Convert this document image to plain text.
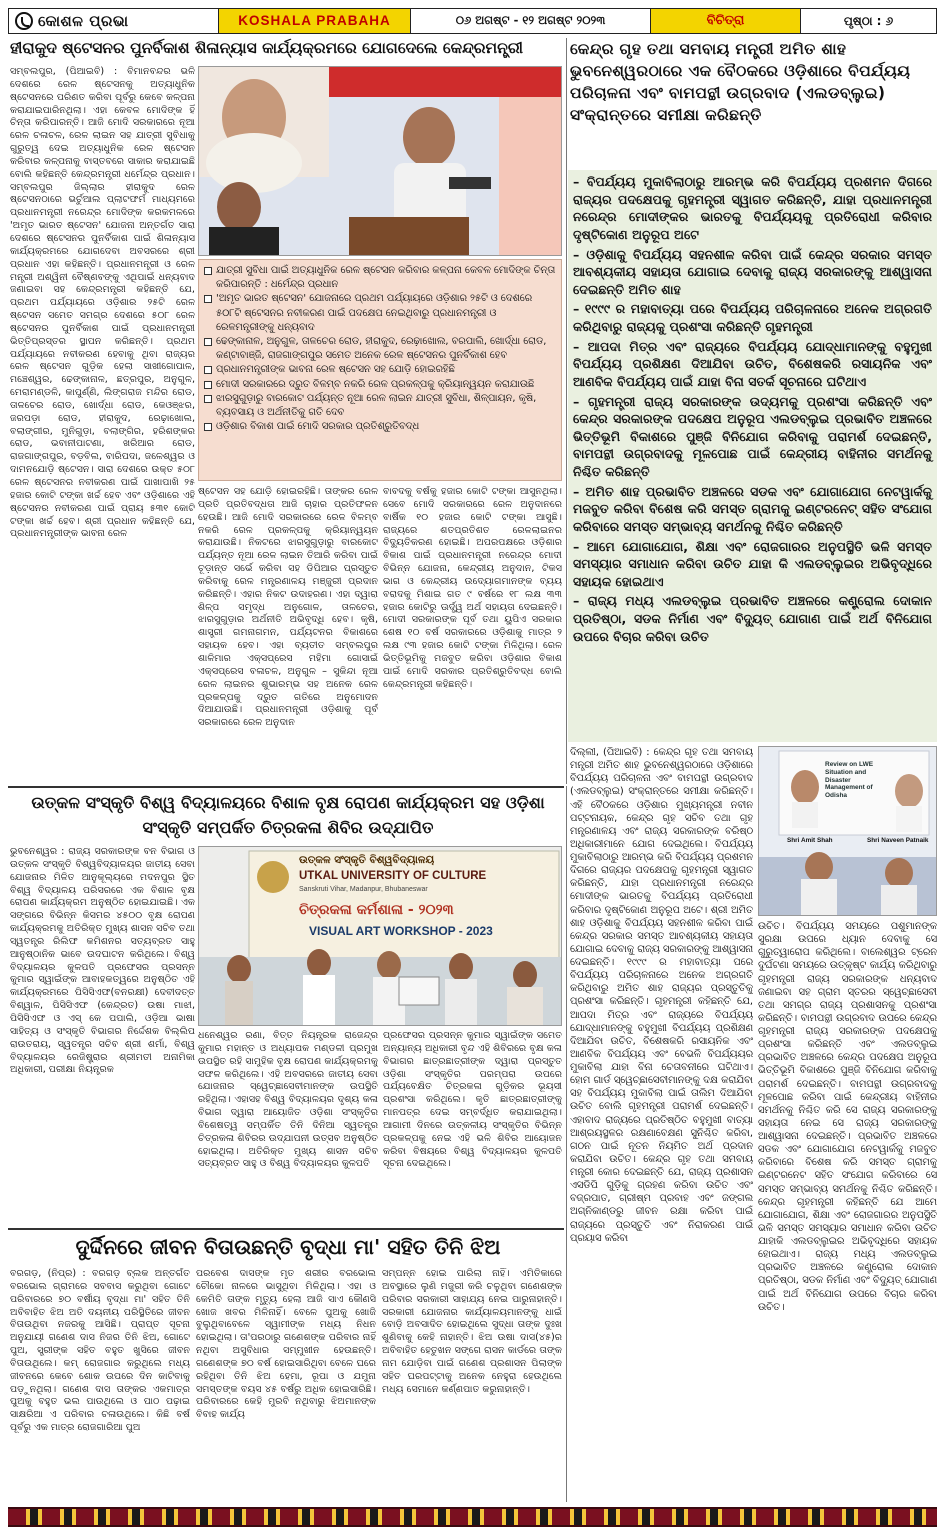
କୋଶଳ ପ୍ରଭା	KOSHALA PRABAHA	୦୬ ଅଗଷ୍ଟ - ୧୨ ଅଗଷ୍ଟ ୨୦୨୩	ବିଚିତ୍ରା	ପୃଷ୍ଠା : ୬
ହୀରାକୁଦ ଷ୍ଟେସନର ପୁନର୍ବିକାଶ ଶିଳାନ୍ୟାସ କାର୍ଯ୍ୟକ୍ରମରେ ଯୋଗଦେଲେ କେନ୍ଦ୍ରମନ୍ତ୍ରୀ
ସମ୍ବଲପୁର, (ପିଆଇବି) : ବିମାନବନ୍ଦର ଭଳି ଦେଶରେ ରେଳ ଷ୍ଟେସନକୁ ଅତ୍ୟାଧୁନିକ ଷ୍ଟେସନରେ ପରିଣତ କରିବା ପୂର୍ବରୁ କେବେ କଳ୍ପନା କରାଯାଇପାରିନଥିଲା। ଏହା କେବଳ ମୋଦିଙ୍କ ହିଁ ଚିନ୍ତା କରିପାରନ୍ତି। ଆଜି ମୋଦି ସରକାରରେ ନୂଆ ରେଳ ଚଳାଚଳ, ରେଳ ଲାଇନ ସହ ଯାତ୍ରୀ ସୁବିଧାକୁ ଗୁରୁତ୍ୱ ଦେଇ ଅତ୍ୟାଧୁନିକ ରେଳ ଷ୍ଟେସନ କରିବାର କଳ୍ପନାକୁ ବାସ୍ତବରେ ସାକାର କରାଯାଇଛି ବୋଲି କହିଛନ୍ତି କେନ୍ଦ୍ରମନ୍ତ୍ରୀ ଧର୍ମେନ୍ଦ୍ର ପ୍ରଧାନ। ସମ୍ବଲପୁର ଜିଲ୍ଲାର ହୀରାକୁଦ ରେଳ ଷ୍ଟେସନଠାରେ ଭର୍ଚୁଆଲ ପ୍ଲାଟଫର୍ମ ମାଧ୍ୟମରେ ପ୍ରଧାନମନ୍ତ୍ରୀ ନରେନ୍ଦ୍ର ମୋଦିଙ୍କ କରକମଳରେ 'ଅମୃତ ଭାରତ ଷ୍ଟେସନ' ଯୋଜନା ଅନ୍ତର୍ଗତ ସାରା ଦେଶରେ ଷ୍ଟେସନର ପୁନର୍ବିକାଶ ପାଇଁ ଶିଳାନ୍ୟାସ କାର୍ଯ୍ୟକ୍ରମରେ ଯୋଗଦେବା ଅବସରରେ ଶ୍ରୀ ପ୍ରଧାନ ଏହା କହିଛନ୍ତି। ପ୍ରଧାନମନ୍ତ୍ରୀ ଓ ରେଳ ମନ୍ତ୍ରୀ ଅଶ୍ୱିନୀ ବୈଷ୍ଣବଙ୍କୁ ଏଥିପାଇଁ ଧନ୍ୟବାଦ ଜଣାଇବା ସହ କେନ୍ଦ୍ରମନ୍ତ୍ରୀ କହିଛନ୍ତି ଯେ, ପ୍ରଥମ ପର୍ଯ୍ୟାୟରେ ଓଡ଼ିଶାର ୨୫ଟି ରେଳ ଷ୍ଟେସନ ସମେତ ସମଗ୍ର ଦେଶରେ ୫୦୮ ରେଳ ଷ୍ଟେସନର ପୁନର୍ବିକାଶ ପାଇଁ ପ୍ରଧାନମନ୍ତ୍ରୀ ଭିତ୍ତିପ୍ରସ୍ତର ସ୍ଥାପନ କରିଛନ୍ତି। ପ୍ରଥମ ପର୍ଯ୍ୟାୟରେ ନବୀକରଣ ହେବାକୁ ଥିବା ରାଜ୍ୟର ରେଳ ଷ୍ଟେସନ ଗୁଡ଼ିକ ହେଲା ସାଖୀଗୋପାଳ, ମଞ୍ଚେଶ୍ୱର, ଢେଙ୍କାନାଳ, ଛତ୍ରପୁର, ଅନୁଗୁଳ, ମେରାମଣ୍ଡଳି, କାପୁର୍ଣ୍ଣି, ଲିଙ୍ଗରାଜ ମନ୍ଦିର ରୋଡ, ତାଳଚେର ରୋଡ, ଖୋର୍ଦ୍ଧା ରୋଡ, କେଓଞ୍ଝର, ଜରପଡ଼ା ରୋଡ, ହୀରାକୁଦ, ରେଢ଼ାଖୋଲ, ବଲାଙ୍ଗୀର, ମୁନିଗୁଡ଼ା, ବଲାଙ୍ଗିର, ହରିଶଙ୍କର ରୋଡ, ଭବାନୀପାଟଣା, ଖରିଆର ରୋଡ, ରାଜଗାଙ୍ଗପୁର, ବଡ଼ବିଲ, ବାରିପଦା, ଜଳେଶ୍ୱର ଓ ଦାମନଯୋଡ଼ି ଷ୍ଟେସନ। ସାରା ଦେଶରେ ଉକ୍ତ ୫୦୮ ରେଳ ଷ୍ଟେସନର ନବୀକରଣ ପାଇଁ ପାଖାପାଖି ୨୫ ହଜାର କୋଟି ଟଙ୍କା ଖର୍ଚ୍ଚ ହେବ ଏବଂ ଓଡ଼ିଶାରେ ଏହି ଷ୍ଟେସନର ନବୀକରଣ ପାଇଁ ପ୍ରାୟ ୫୩୧ କୋଟି ଟଙ୍କା ଖର୍ଚ୍ଚ ହେବ। ଶ୍ରୀ ପ୍ରଧାନ କହିଛନ୍ତି ଯେ, ପ୍ରଧାନମନ୍ତ୍ରୀଙ୍କ ଭାବନା ରେଳ
ଯାତ୍ରୀ ସୁବିଧା ପାଇଁ ଅତ୍ୟାଧୁନିକ ରେଳ ଷ୍ଟେସନ କରିବାର କଳ୍ପନା କେବଳ ମୋଦିଙ୍କ ଚିନ୍ତା କରିପାରନ୍ତି : ଧର୍ମେନ୍ଦ୍ର ପ୍ରଧାନ
'ଅମୃତ ଭାରତ ଷ୍ଟେସନ' ଯୋଜନାରେ ପ୍ରଥମ ପର୍ଯ୍ୟାୟରେ ଓଡ଼ିଶାର ୨୫ଟି ଓ ଦେଶରେ ୫୦୮ଟି ଷ୍ଟେସନର ନବୀକରଣ ପାଇଁ ପଦକ୍ଷେପ ନେଇଥିବାରୁ ପ୍ରଧାନମନ୍ତ୍ରୀ ଓ ରେଳମନ୍ତ୍ରୀଙ୍କୁ ଧନ୍ୟବାଦ
ଢେଙ୍କାନାଳ, ଅନୁଗୁଳ, ତାଳଚେର ରୋଡ, ହୀରାକୁଦ, ରେଢ଼ାଖୋଲ, ବରପାଲି, ଖୋର୍ଦ୍ଧା ରୋଡ, କଣ୍ଟାବାଞ୍ଜି, ରାଜଗାଙ୍ଗପୁର ସମେତ ଅନେକ ରେଳ ଷ୍ଟେସନର ପୁନର୍ବିକାଶ ହେବ
ପ୍ରଧାନମନ୍ତ୍ରୀଙ୍କ ଭାବନା ରେଳ ଷ୍ଟେସନ ସହ ଯୋଡ଼ି ହୋଇରହିଛି
ମୋଦୀ ସରକାରରେ ଦ୍ରୁତ ବିଳମ୍ବ ନକରି ରେଳ ପ୍ରକଳ୍ପକୁ କ୍ରିୟାନ୍ୱୟନ କରାଯାଉଛି
ଝାରସୁଗୁଡ଼ାରୁ ବାରକୋଟ ପର୍ଯ୍ୟନ୍ତ ନୂଆ ରେଳ ଲାଇନ ଯାତ୍ରୀ ସୁବିଧା, ଶିଳ୍ପାୟନ, କୃଷି, ବ୍ୟବସାୟ ଓ ଅର୍ଥନୀତିକୁ ଗତି ଦେବ
ଓଡ଼ିଶାର ବିକାଶ ପାଇଁ ମୋଦି ସରକାର ପ୍ରତିଶ୍ରୁତିବଦ୍ଧ
ଷ୍ଟେସନ ସହ ଯୋଡ଼ି ହୋଇରହିଛି। ତାଙ୍କର ରେଳ ପ୍ରତି ପ୍ରତିବଦ୍ଧତା ଆଜି ଚାହାର ପ୍ରତିଫଳନ ହେଉଛି। ଆଜି ମୋଦି ସରକାରରେ ରେଳ ବିଳମ୍ବ ନକରି ରେଳ ପ୍ରକଳ୍ପକୁ କ୍ରିୟାନ୍ୱୟନ କରାଯାଉଛି। ନିକଟରେ ଝାରସୁଗୁଡ଼ାରୁ ବାରକୋଟ ପର୍ଯ୍ୟନ୍ତ ନୂଆ ରେଳ ଲାଇନ ତିଆରି କରିବା ପାଇଁ ଚୂଡ଼ାନ୍ତ ସର୍ଭେ କରିବା ସହ ଡିପିଆର ପ୍ରସ୍ତୁତ କରିବାକୁ ରେଳ ମନ୍ତ୍ରଣାଳୟ ମଞ୍ଜୁରୀ ପ୍ରଦାନ କରିଛନ୍ତି। ଏହାର ନିକଟ ଉଦାହରଣ। ଏହା ଦ୍ୱାରା ଶିଳ୍ପ ସମୃଦ୍ଧ ଅନୁଗୋଳ, ତାଳଚେର, ଝାରସୁଗୁଡ଼ାର ଅର୍ଥନୀତି ଅଭିବୃଦ୍ଧି ହେବ। କୃଷି, ଶାସ୍ତ୍ରୀ ଗମନାଗମନ, ପର୍ଯ୍ୟଟନର ବିକାଶରେ ସହାୟକ ହେବ। ଏହା ବ୍ୟତୀତ ସମ୍ବଲପୁର ଶାଳିମାର ଏକ୍ସପ୍ରେସ ମହିମା ଗୋସାଇଁ ଏକ୍ସପ୍ରେସ ବଳାଚଳ, ଅନୁଗୁଳ – ସୁକିନ୍ଦା ନୂଆ ରେଳ ଲାଇନର ଶୁଭାରମ୍ଭ ସହ ଅନେକ ରେଳ ପ୍ରକଳ୍ପକୁ ଦ୍ରୁତ ଗତିରେ ଅନୁମୋଦନ ଦିଆଯାଉଛି। ପ୍ରଧାନମନ୍ତ୍ରୀ ଓଡ଼ିଶାକୁ ପୂର୍ବ ସରକାରରେ ରେଳ ଅନୁଦାନ
ବାବଦକୁ ବର୍ଷକୁ ହଜାର କୋଟି ଟଙ୍କା ଆସୁନଥିଲା। ସେବେ ମୋଦି ସରକାରରେ ରେଳ ଅନୁଦାନରେ ବାର୍ଷିକ ୧୦ ହଜାର କୋଟି ଟଙ୍କା ଆସୁଛି। ରାଜ୍ୟରେ ଶତପ୍ରତିଶତ ରେଳଲାଇନର ବିଦ୍ୟୁତିକରଣ ହୋଇଛି। ଅପରପକ୍ଷରେ ଓଡ଼ିଶାର ବିକାଶ ପାଇଁ ପ୍ରଧାନମନ୍ତ୍ରୀ ନରେନ୍ଦ୍ର ମୋଦୀ ବିଭିନ୍ନ ଯୋଜନା, କେନ୍ଦ୍ରୀୟ ଅନୁଦାନ, ଟିକସ ଭାଗ ଓ କେନ୍ଦ୍ରୀୟ ଉଦ୍ୟୋଗମାନଙ୍କ ବ୍ୟୟ ବରାଦକୁ ମିଶାଇ ଗତ ୯ ବର୍ଷରେ ୧୮ ଲକ୍ଷ ୩୩ ହଜାର କୋଟିରୁ ଊର୍ଦ୍ଧ୍ୱ ଅର୍ଥ ସହାୟତା ଦେଇଛନ୍ତି। ମୋଦୀ ସରକାରଙ୍କ ପୂର୍ବ ତଥା ୟୁପିଏ ସରକାର ଶେଷ ୧୦ ବର୍ଷ ସରକାରରେ ଓଡ଼ିଶାକୁ ମାତ୍ର ୨ ଲକ୍ଷ ୯୩ ହଜାର କୋଟି ଟଙ୍କା ମିଳିଥିଲା। ରେଳ ଭିତ୍ତିଭୂମିକୁ ମଜବୁତ କରିବା ଓଡ଼ିଶାର ବିକାଶ ପାଇଁ ମୋଦି ସରକାର ପ୍ରତିଶ୍ରୁତିବଦ୍ଧ ବୋଲି କେନ୍ଦ୍ରମନ୍ତ୍ରୀ କହିଛନ୍ତି।
କେନ୍ଦ୍ର ଗୃହ ତଥା ସମବାୟ ମନ୍ତ୍ରୀ ଅମିତ ଶାହ ଭୁବନେଶ୍ୱରଠାରେ ଏକ ବୈଠକରେ ଓଡ଼ିଶାରେ ବିପର୍ଯ୍ୟୟ ପରିଚାଳନା ଏବଂ ବାମପନ୍ଥୀ ଉଗ୍ରବାଦ (ଏଲଡବ୍ଲୁଇ) ସଂକ୍ରାନ୍ତରେ ସମୀକ୍ଷା କରିଛନ୍ତି
– ବିପର୍ଯ୍ୟୟ ମୁକାବିଲାଠାରୁ ଆରମ୍ଭ କରି ବିପର୍ଯ୍ୟୟ ପ୍ରଶମନ ଦିଗରେ ରାଜ୍ୟର ପଦକ୍ଷେପକୁ ଗୃହମନ୍ତ୍ରୀ ସ୍ୱାଗତ କରିଛନ୍ତି, ଯାହା ପ୍ରଧାନମନ୍ତ୍ରୀ ନରେନ୍ଦ୍ର ମୋଦୀଙ୍କର ଭାରତକୁ ବିପର୍ଯ୍ୟୟକୁ ପ୍ରତିରୋଧୀ କରିବାର ଦୃଷ୍ଟିକୋଣ ଅନୁରୂପ ଅଟେ
– ଓଡ଼ିଶାକୁ ବିପର୍ଯ୍ୟୟ ସହନଶୀଳ କରିବା ପାଇଁ କେନ୍ଦ୍ର ସରକାର ସମସ୍ତ ଆବଶ୍ୟକୀୟ ସହାୟତା ଯୋଗାଇ ଦେବାକୁ ରାଜ୍ୟ ସରକାରଙ୍କୁ ଆଶ୍ୱାସନା ଦେଇଛନ୍ତି ଅମିତ ଶାହ
– ୧୯୯୯ ର ମହାବାତ୍ୟା ପରେ ବିପର୍ଯ୍ୟୟ ପରିଚାଳନାରେ ଅନେକ ଅଗ୍ରଗତି କରିଥିବାରୁ ରାଜ୍ୟକୁ ପ୍ରଶଂସା କରିଛନ୍ତି ଗୃହମନ୍ତ୍ରୀ
– ଆପଦା ମିତ୍ର ଏବଂ ରାଜ୍ୟରେ ବିପର୍ଯ୍ୟୟ ଯୋଦ୍ଧାମାନଙ୍କୁ ବହୁମୁଖୀ ବିପର୍ଯ୍ୟୟ ପ୍ରଶିକ୍ଷଣ ଦିଆଯିବା ଉଚିତ, ବିଶେଷକରି ରସାୟନିକ ଏବଂ ଆଣବିକ ବିପର୍ଯ୍ୟୟ ପାଇଁ ଯାହା ବିନା ସତର୍କ ସୂଚନାରେ ଘଟିଥାଏ
– ଗୃହମନ୍ତ୍ରୀ ରାଜ୍ୟ ସରକାରଙ୍କ ଉଦ୍ୟମକୁ ପ୍ରଶଂସା କରିଛନ୍ତି ଏବଂ କେନ୍ଦ୍ର ସରକାରଙ୍କ ପଦକ୍ଷେପ ଅନୁରୂପ ଏଲଡବ୍ଲୁଇ ପ୍ରଭାବିତ ଅଞ୍ଚଳରେ ଭିତ୍ତିଭୂମି ବିକାଶରେ ପୁଞ୍ଜି ବିନିଯୋଗ କରିବାକୁ ପରାମର୍ଶ ଦେଇଛନ୍ତି, ବାମପନ୍ଥୀ ଉଗ୍ରବାଦକୁ ମୂଳପୋଛ ପାଇଁ କେନ୍ଦ୍ରୀୟ ବାହିନୀର ସମର୍ଥନକୁ ନିଶ୍ଚିତ କରିଛନ୍ତି
– ଅମିତ ଶାହ ପ୍ରଭାବିତ ଅଞ୍ଚଳରେ ସଡକ ଏବଂ ଯୋଗାଯୋଗ ନେଟୱାର୍କକୁ ମଜବୁତ କରିବା ବିଶେଷ କରି ସମସ୍ତ ଗ୍ରାମକୁ ଇଣ୍ଟରନେଟ୍ ସହିତ ସଂଯୋଗ କରିବାରେ ସମସ୍ତ ସମ୍ଭାବ୍ୟ ସମର୍ଥନକୁ ନିଶ୍ଚିତ କରିଛନ୍ତି
– ଆମେ ଯୋଗାଯୋଗ, ଶିକ୍ଷା ଏବଂ ରୋଜଗାରର ଅନୁପସ୍ଥିତି ଭଳି ସମସ୍ତ ସମସ୍ୟାର ସମାଧାନ କରିବା ଉଚିତ ଯାହା କି ଏଲଡବ୍ଲୁଇର ଅଭିବୃଦ୍ଧିରେ ସହାୟକ ହୋଇଥାଏ
– ରାଜ୍ୟ ମଧ୍ୟ ଏଲଡବ୍ଲୁଇ ପ୍ରଭାବିତ ଅଞ୍ଚଳରେ କଣ୍ଟ୍ରୋଲ ଦୋକାନ ପ୍ରତିଷ୍ଠା, ସଡକ ନିର୍ମାଣ ଏବଂ ବିଦ୍ୟୁତ୍ ଯୋଗାଣ ପାଇଁ ଅର୍ଥ ବିନିଯୋଗ ଉପରେ ବିଚାର କରିବା ଉଚିତ
ଦିଲ୍ଲୀ, (ପିଆଇବି) : କେନ୍ଦ୍ର ଗୃହ ତଥା ସମବାୟ ମନ୍ତ୍ରୀ ଅମିତ ଶାହ ଭୁବନେଶ୍ୱରଠାରେ ଓଡ଼ିଶାରେ ବିପର୍ଯ୍ୟୟ ପରିଚାଳନା ଏବଂ ବାମପନ୍ଥୀ ଉଗ୍ରବାଦ (ଏଲଡବ୍ଲୁଇ) ସଂକ୍ରାନ୍ତରେ ସମୀକ୍ଷା କରିଛନ୍ତି। ଏହି ବୈଠକରେ ଓଡ଼ିଶାର ମୁଖ୍ୟମନ୍ତ୍ରୀ ନବୀନ ପଟ୍ଟନାୟକ, କେନ୍ଦ୍ର ଗୃହ ସଚିବ ତଥା ଗୃହ ମନ୍ତ୍ରଣାଳୟ ଏବଂ ରାଜ୍ୟ ସରକାରଙ୍କ ବରିଷ୍ଠ ଅଧିକାରୀମାନେ ଯୋଗ ଦେଇଥିଲେ। ବିପର୍ଯ୍ୟୟ ମୁକାବିଲାଠାରୁ ଆରମ୍ଭ କରି ବିପର୍ଯ୍ୟୟ ପ୍ରଶମନ ଦିଗରେ ରାଜ୍ୟର ପଦକ୍ଷେପକୁ ଗୃହମନ୍ତ୍ରୀ ସ୍ୱାଗତ କରିଛନ୍ତି, ଯାହା ପ୍ରଧାନମନ୍ତ୍ରୀ ନରେନ୍ଦ୍ର ମୋଦୀଙ୍କ ଭାରତକୁ ବିପର୍ଯ୍ୟୟ ପ୍ରତିରୋଧୀ କରିବାର ଦୃଷ୍ଟିକୋଣ ଅନୁରୂପ ଅଟେ। ଶ୍ରୀ ଅମିତ ଶାହ ଓଡ଼ିଶାକୁ ବିପର୍ଯ୍ୟୟ ସହନଶୀଳ କରିବା ପାଇଁ କେନ୍ଦ୍ର ସରକାର ସମସ୍ତ ଆବଶ୍ୟକୀୟ ସହାୟତା ଯୋଗାଇ ଦେବାକୁ ରାଜ୍ୟ ସରକାରଙ୍କୁ ଆଶ୍ୱାସନା ଦେଇଛନ୍ତି। ୧୯୯୯ ର ମହାବାତ୍ୟା ପରେ ବିପର୍ଯ୍ୟୟ ପରିଚାଳନାରେ ଅନେକ ଅଗ୍ରଗତି କରିଥିବାରୁ ଅମିତ ଶାହ ରାଜ୍ୟର ପ୍ରସ୍ତୁତିକୁ ପ୍ରଶଂସା କରିଛନ୍ତି। ଗୃହମନ୍ତ୍ରୀ କହିଛନ୍ତି ଯେ, ଆପଦା ମିତ୍ର ଏବଂ ରାଜ୍ୟରେ ବିପର୍ଯ୍ୟୟ ଯୋଦ୍ଧାମାନଙ୍କୁ ବହୁମୁଖୀ ବିପର୍ଯ୍ୟୟ ପ୍ରଶିକ୍ଷଣ ଦିଆଯିବା ଉଚିତ, ବିଶେଷକରି ରସାୟନିକ ଏବଂ ଆଣବିକ ବିପର୍ଯ୍ୟୟ ଏବଂ ବେଭଳି ବିପର୍ଯ୍ୟୟର ମୁକାବିଲା ଯାହା ବିନା ଚେତାବନୀରେ ଘଟିଥାଏ। ହୋମ ଗାର୍ଡ ସ୍ୱେଚ୍ଛାସେବୀମାନଙ୍କୁ ଦକ୍ଷ କରାଯିବା ସହ ବିପର୍ଯ୍ୟୟ ମୁକାବିଲା ପାଇଁ ତାଲିମ ଦିଆଯିବା ଉଚିତ ବୋଲି ଗୃହମନ୍ତ୍ରୀ ପରାମର୍ଶ ଦେଇଛନ୍ତି। ଏହାବାଦ ରାଜ୍ୟରେ ପ୍ରତିଷ୍ଠିତ ବହୁମୁଖୀ ବାତ୍ୟା ଆଶ୍ରୟସ୍ଥଳର ରକ୍ଷଣାବେକ୍ଷଣ ସୁନିଶ୍ଚିତ କରିବା, ଗଠନ ପାଇଁ ନୂତନ ନିୟମିତ ଅର୍ଥ ପ୍ରଦାନ କରାଯିବା ଉଚିତ। କେନ୍ଦ୍ର ଗୃହ ତଥା ସମବାୟ ମନ୍ତ୍ରୀ କୋର ଦେଇଛନ୍ତି ଯେ, ରାଜ୍ୟ ପ୍ରଶାସନ ଏସଡିପି ଗୁଡ଼ିକୁ ଗ୍ରହଣ କରିବା ଉଚିତ ଏବଂ ବଜ୍ରପାତ, ଗ୍ରୀଷ୍ମ ପ୍ରବାହ ଏବଂ ଜଙ୍ଗଲ ଅଗ୍ନିକାଣ୍ଡରୁ ଜୀବନ ରକ୍ଷା କରିବା ପାଇଁ ରାଜ୍ୟରେ ପ୍ରସ୍ତୁତି ଏବଂ ନିରାକରଣ ପାଇଁ ପ୍ରୟାସ କରିବା
Review on LWE Situation and Disaster Management of Odisha
Shri Amit Shah	Shri Naveen Patnaik
ଉଚିତ। ବିପର୍ଯ୍ୟୟ ସମୟରେ ପଶୁମାନଙ୍କ ସୁରକ୍ଷା ଉପରେ ଧ୍ୟାନ ଦେବାକୁ ସେ ଗୁରୁତ୍ୱାରୋପ କରିଥିଲେ। ବାଲେଶ୍ୱର ଟ୍ରେନ ଦୁର୍ଘଟଣା ସମୟରେ ଉତ୍କୃଷ୍ଟ କାର୍ଯ୍ୟ କରିଥିବାରୁ ଗୃହମନ୍ତ୍ରୀ ରାଜ୍ୟ ସରକାରଙ୍କ ଧନ୍ୟବାଦ ଜଣାଇବା ସହ ଗ୍ରାମ ସ୍ତରର ସ୍ୱେଚ୍ଛାସେବୀ ତଥା ସମଗ୍ର ରାଜ୍ୟ ପ୍ରଶାସନକୁ ପ୍ରଶଂସା କରିଛନ୍ତି। ବାମପନ୍ଥୀ ଉଗ୍ରବାଦ ଉପରେ କେନ୍ଦ୍ର ଗୃହମନ୍ତ୍ରୀ ରାଜ୍ୟ ସରକାରଙ୍କ ପଦକ୍ଷେପକୁ ପ୍ରଶଂସା କରିଛନ୍ତି ଏବଂ ଏଲଡବ୍ଲୁଇ ପ୍ରଭାବିତ ଅଞ୍ଚଳରେ କେନ୍ଦ୍ର ପଦକ୍ଷେପ ଅନୁରୂପ ଭିତ୍ତିଭୂମି ବିକାଶରେ ପୁଞ୍ଜି ବିନିଯୋଗ କରିବାକୁ ପରାମର୍ଶ ଦେଇଛନ୍ତି। ବାମପନ୍ଥୀ ଉଗ୍ରବାଦକୁ ମୂଳପୋଛ କରିବା ପାଇଁ କେନ୍ଦ୍ରୀୟ ବାହିନୀର ସମର୍ଥନକୁ ନିଶ୍ଚିତ କରି ସେ ରାଜ୍ୟ ସରକାରଙ୍କୁ ସହାୟତା ନେଇ ସେ ରାଜ୍ୟ ସରକାରଙ୍କୁ ଆଶ୍ୱାସନା ଦେଇଛନ୍ତି। ପ୍ରଭାବିତ ଅଞ୍ଚଳରେ ସଡକ ଏବଂ ଯୋଗାଯୋଗ ନେଟୱାର୍କକୁ ମଜବୁତ କରିବାରେ ବିଶେଷ କରି ସମସ୍ତ ଗ୍ରାମକୁ ଇଣ୍ଟରନେଟ ସହିତ ସଂଯୋଗ କରିବାରେ ସେ ସମସ୍ତ ସମ୍ଭାବ୍ୟ ସମର୍ଥନକୁ ନିଶ୍ଚିତ କରିଛନ୍ତି। କେନ୍ଦ୍ର ଗୃହମନ୍ତ୍ରୀ କହିଛନ୍ତି ଯେ ଆମେ ଯୋଗାଯୋଗ, ଶିକ୍ଷା ଏବଂ ରୋଜଗାରର ଅନୁପସ୍ଥିତି ଭଳି ସମସ୍ତ ସମସ୍ୟାର ସମାଧାନ କରିବା ଉଚିତ ଯାହାକି ଏଲଡବ୍ଲୁଇର ଅଭିବୃଦ୍ଧିରେ ସହାୟକ ହୋଇଥାଏ। ରାଜ୍ୟ ମଧ୍ୟ ଏଲଡବ୍ଲୁଇ ପ୍ରଭାବିତ ଅଞ୍ଚଳରେ କଣ୍ଟ୍ରୋଲ ଦୋକାନ ପ୍ରତିଷ୍ଠା, ସଡକ ନିର୍ମାଣ ଏବଂ ବିଦ୍ୟୁତ୍ ଯୋଗାଣ ପାଇଁ ଅର୍ଥ ବିନିଯୋଗ ଉପରେ ବିଚାର କରିବା ଉଚିତ।
ଉତ୍କଳ ସଂସ୍କୃତି ବିଶ୍ୱ ବିଦ୍ୟାଳୟରେ ବିଶାଳ ବୃକ୍ଷ ରୋପଣ କାର୍ଯ୍ୟକ୍ରମ ସହ ଓଡ଼ିଶା ସଂସ୍କୃତି ସମ୍ପର୍କିତ ଚିତ୍ରକଳା ଶିବିର ଉଦ୍ଯାପିତ
ଭୁବନେଶ୍ୱର : ରାଜ୍ୟ ସରକାରଙ୍କ ବନ ବିଭାଗ ଓ ଉତ୍କଳ ସଂସ୍କୃତି ବିଶ୍ୱବିଦ୍ୟାଳୟର ଜାତୀୟ ସେବା ଯୋଜନାର ମିଳିତ ଆନୁକୂଲ୍ୟରେ ମଦନପୁର ସ୍ଥିତ ବିଶ୍ୱ ବିଦ୍ୟାଳୟ ପରିସରରେ ଏକ ବିଶାଳ ବୃକ୍ଷ ରୋପଣ କାର୍ଯ୍ୟକ୍ରମ ଅନୁଷ୍ଠିତ ହୋଇଯାଇଛି। ଏକ ସଙ୍ଗରେ ବିଭିନ୍ନ କିସମର ୪୫୦୦ ବୃକ୍ଷ ରୋପଣ କାର୍ଯ୍ୟକ୍ରମକୁ ଅତିରିକ୍ତ ମୁଖ୍ୟ ଶାସନ ସଚିବ ତଥା ସ୍ୱତନ୍ତ୍ର ରିଲିଫ କମିଶନର ସତ୍ୟବ୍ରତ ସାହୁ ଆନୁଷ୍ଠାନିକ ଭାବେ ଉଦଘାଟନ କରିଥିଲେ। ବିଶ୍ୱ ବିଦ୍ୟାଳୟର କୁଳପତି ପ୍ରଫେସର ପ୍ରସନ୍ନ କୁମାର ସ୍ୱାଇଁଙ୍କ ଆବାହକତ୍ୱରେ ଅନୁଷ୍ଠିତ ଏହି କାର୍ଯ୍ୟକ୍ରମରେ ପିସିସିଏଫ(ବନରକ୍ଷୀ) ଦେବୀଦତ୍ତ ବିଶ୍ୱାଳ, ପିସିସିଏଫ (କେନ୍ଦ୍ରତ) ଉଷା ମାଝୀ, ପିସିସିଏଫ ଓ ଏସ୍ କେ ପପାଲି, ଓଡ଼ିଆ ଭାଷା ସାହିତ୍ୟ ଓ ସଂସ୍କୃତି ବିଭାଗର ନିର୍ଦ୍ଦେଶକ ବିଲ୍ଲିପ ରାଉତରାୟ, ସ୍ୱତନ୍ତ୍ର ସଚିବ ଶ୍ରୀ ଶର୍ମା, ବିଶ୍ୱ ବିଦ୍ୟାଳୟର ରେଜିଷ୍ଟ୍ରାର ଶ୍ରୀମତୀ ଅନାମିକା ଅଧିକାରୀ, ପରୀକ୍ଷା ନିୟନ୍ତ୍ରକ
ଉତ୍କଳ ସଂସ୍କୃତି ବିଶ୍ୱବିଦ୍ୟାଳୟ
UTKAL UNIVERSITY OF CULTURE
Sanskruti Vihar, Madanpur, Bhubaneswar
ଚିତ୍ରକଳା କର୍ମଶାଳା - ୨୦୨୩
VISUAL ART WORKSHOP - 2023
ଧନେଶ୍ୱର ରଣା, ବିତ୍ତ ନିୟନ୍ତ୍ରକ ରାଜେନ୍ଦ୍ର କୁମାର ମହାନ୍ତ ଓ ଅଧ୍ୟାପକ ମଣ୍ଡଳୀ ପ୍ରମୁଖ ଉପସ୍ଥିତ ରହି ସାମୁହିକ ବୃକ୍ଷ ରୋପଣ କାର୍ଯ୍ୟକ୍ରମକୁ ସଫଳ କରିଥିଲେ। ଏହି ଅବସରରେ ଜାତୀୟ ସେବା ଯୋଜନାର ସ୍ୱେଚ୍ଛାସେବୀମାନଙ୍କ ଉପସ୍ଥିତି ରହିଥିଲା। ଏହାସହ ବିଶ୍ୱ ବିଦ୍ୟାଳୟର ଦୃଶ୍ୟ କଳା ବିଭାଗ ଦ୍ୱାରା ଆୟୋଜିତ ଓଡ଼ିଶା ସଂସ୍କୃତିର ବିଶେଷତ୍ୱ ସମ୍ପର୍କିତ ତିନି ଦିନିଆ ସ୍ୱତନ୍ତ୍ର ଚିତ୍ରକଳା ଶିବିରର ଉଦ୍ଯାପନୀ ଉତ୍ସବ ଅନୁଷ୍ଠିତ ହୋଇଥିଲା। ଅତିରିକ୍ତ ମୁଖ୍ୟ ଶାସନ ସଚିବ ସତ୍ୟବ୍ରତ ସାହୁ ଓ ବିଶ୍ୱ ବିଦ୍ୟାଳୟର କୁଳପତି
ପ୍ରଫେସର ପ୍ରସନ୍ନ କୁମାର ସ୍ୱାଇଁଙ୍କ ସମେତ ଅନ୍ୟାନ୍ୟ ଅଧିକାରୀ ବୃନ୍ଦ ଏହି ଶିବିରରେ ବୃକ୍ଷ କଳା ବିଭାଗର ଛାତ୍ରଛାତ୍ରୀଙ୍କ ଦ୍ୱାରା ପ୍ରସ୍ତୁତ ଓଡ଼ିଶା ସଂସ୍କୃତିର ପରମ୍ପରା ଉପରେ ପର୍ଯ୍ୟବେକ୍ଷିତ ଚିତ୍ରକଳା ଗୁଡ଼ିକର ଭୂୟସୀ ପ୍ରଶଂସା କରିଥିଲେ। କୃତି ଛାତ୍ରଛାତ୍ରୀଙ୍କୁ ମାନପତ୍ର ଦେଇ ସମ୍ବର୍ଦ୍ଧିତ କରାଯାଇଥିଲା। ଆଗାମୀ ଦିନରେ ଉତ୍କଳୀୟ ସଂସ୍କୃତିର ବିଭିନ୍ନ ପ୍ରକଳ୍ପକୁ ନେଇ ଏହି ଭଳି ଶିବିର ଆୟୋଜନ କରିବା ବିଷୟରେ ବିଶ୍ୱ ବିଦ୍ୟାଳୟର କୁଳପତି ସୂଚନା ଦେଇଥିଲେ।
ଦୁର୍ଦ୍ଦିନରେ ଜୀବନ ବିତାଉଛନ୍ତି ବୃଦ୍ଧା ମା' ସହିତ ତିନି ଝିଅ
ବରଗଡ଼, (ନିପ୍ର) : ବରଗଡ଼ ବ୍ଲକ ଅନ୍ତର୍ଗତ ବରଭୋଲ ଗ୍ରାମରେ ସବବାସ କରୁଥିବା ଗୋଟେ ପରିବାରରେ ୭୦ ବର୍ଷୀୟ ବୃଦ୍ଧା ମା' ସହିତ ତିନି ଅବିବାହିତ ଝିଅ ଅତି ଦୟନୀୟ ପରିସ୍ଥିତିରେ ଜୀବନ ବିତାଉଥିବା ନଜରକୁ ଆସିଛି। ପ୍ରାପ୍ତ ସୂଚନା ଅନୁଯାୟୀ ଗଣେଶ ଦାସ ନିଜର ତିନି ଝିଅ, ଗୋଟେ ପୁଅ, ସ୍ତ୍ରୀଙ୍କ ସହିତ ବହୁତ ଖୁସିରେ ଜୀବନ ବିତାଉଥିଲେ। କମ୍ ରୋଜଗାର କରୁଥିଲେ ମଧ୍ୟ ଜୀବନରେ କେବେ ଶୋକ ଉପରେ ଦିନ କାଟିବାକୁ ପଡ଼ୁନଥିଲା। ଗଣେଶ ଦାସ ତାଙ୍କର ଏକମାତ୍ର ପୁଅକୁ ବହୁତ ଭଲ ପାଉଥିଲେ ଓ ପାଠ ପଢ଼ାଇ ସାକ୍ଷରିଆ ଏ ପରିବାର ଚଳାଉଥିଲେ। କିଛି ବର୍ଷ ପୂର୍ବରୁ ଏକ ମାତ୍ର ରୋଜଗାରିଆ ପୁଅ
ପରବେଶ ଦାସଙ୍କ ମୃତ ଶରୀର ବରଭୋଲ ଚୌକୋ ନାଳରେ ଭାସୁଥିବା ମିଳିଥିଲା। ଏହା ଓ କେମିତି ତାଙ୍କ ମୃତ୍ୟୁ ହେଲା ଆଜି ସାଏ କୌଣସି ଖୋଜ ଖବର ମିଳିନାହିଁ। ବେଳେ ପୁଅକୁ ଖୋଜି ବୁଲୁଥିବାବେଳେ ସ୍ୱାମୀଙ୍କ ମଧ୍ୟ ନିଧନ ହୋଇଥିଲା। ତା'ପରଠାରୁ ଗଣେଶଙ୍କ ପରିବାର ନାହିଁ ନଥିବା ଅସୁବିଧାର ସମ୍ମୁଖୀନ ହେଉଛନ୍ତି। ଗଣେଶଙ୍କ ୭୦ ବର୍ଷ ହୋଇସାରିଥିବା ବେଳେ ଘରେ ରହିଥିବା ତିନି ଝିଅ ହେମା, ରୂପା ଓ ଯମୁନା ସମସ୍ତଙ୍କ ବୟସ ୪୫ ବର୍ଷରୁ ଅଧିକ ହୋଇସାରିଛି। ପରିବାରରେ କେହି ମୁରବି ନଥିବାରୁ ଝିଅମାନଙ୍କ ବିବାହ କାର୍ଯ୍ୟ
ସମ୍ପନ୍ନ ହୋଇ ପାରିଲା ନାହିଁ। ଏମିତିକାରେ ଅବସ୍ଥାରେ ଲୁଣି ମଜୁରୀ କରି ଚଳୁଥିବା ଗଣେଶଙ୍କ ପରିବାର ସରକାରୀ ସାହାଯ୍ୟ ନେଇ ପାରୁନାହାନ୍ତି। ସରକାରୀ ଯୋଜନାର କାର୍ଯ୍ୟାଳୟମାନଙ୍କୁ ଧାଇଁ ବୋଡ଼ି ଅବସାଦିତ ହୋଇଥିଲେ ସୁଦ୍ଧା ତାଙ୍କ ଦୁଃଖ ଶୁଣିବାକୁ କେହି ନାହାନ୍ତି। ଝିଅ ଉଷା ଦାସ(୪୫)ର ଅବିବାହିତ ହେତୁଖନ ସଙ୍ଗେ ରାସନ କାର୍ଡରେ ତାଙ୍କ ନାମ ଯୋଡ଼ିବା ପାଇଁ ଗଣେଶ ପ୍ରଶାସନ ପିଲାଙ୍କ ସହିତ ଘରପଟ୍ଟାକୁ ଅନେକ ନେହୁରା ହେଉଥିଲେ ମଧ୍ୟ ସେମାନେ କର୍ଣ୍ଣପାତ କରୁନାହାନ୍ତି।
